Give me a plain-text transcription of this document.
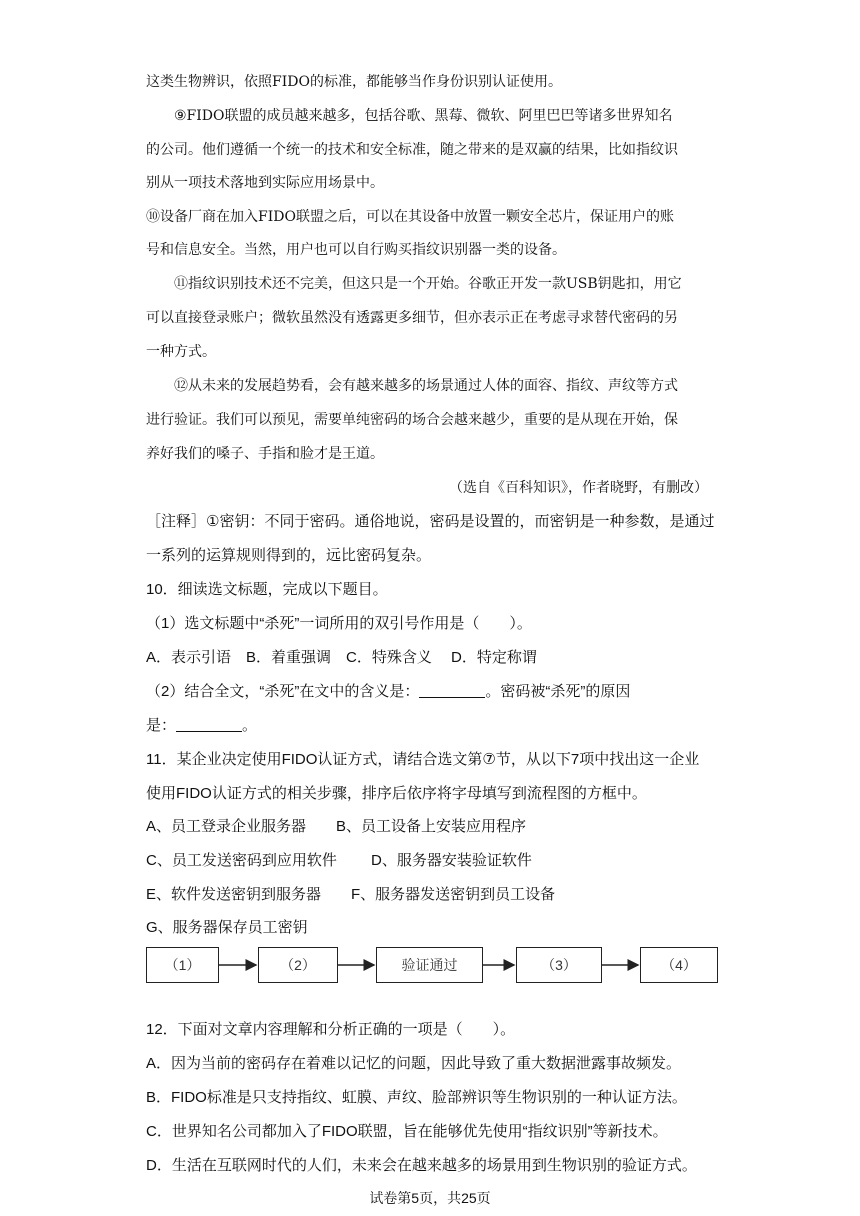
这类生物辨识，依照FIDO的标准，都能够当作身份识别认证使用。

⑨FIDO联盟的成员越来越多，包括谷歌、黑莓、微软、阿里巴巴等诸多世界知名

的公司。他们遵循一个统一的技术和安全标准，随之带来的是双赢的结果，比如指纹识

别从一项技术落地到实际应用场景中。

⑩设备厂商在加入FIDO联盟之后，可以在其设备中放置一颗安全芯片，保证用户的账

号和信息安全。当然，用户也可以自行购买指纹识别器一类的设备。

⑪指纹识别技术还不完美，但这只是一个开始。谷歌正开发一款USB钥匙扣，用它

可以直接登录账户；微软虽然没有透露更多细节，但亦表示正在考虑寻求替代密码的另

一种方式。

⑫从未来的发展趋势看，会有越来越多的场景通过人体的面容、指纹、声纹等方式

进行验证。我们可以预见，需要单纯密码的场合会越来越少，重要的是从现在开始，保

养好我们的嗓子、手指和脸才是王道。

（选自《百科知识》，作者晓野，有删改）

［注释］①密钥：不同于密码。通俗地说，密码是设置的，而密钥是一种参数，是通过

一系列的运算规则得到的，远比密码复杂。

10．细读选文标题，完成以下题目。

（1）选文标题中“杀死”一词所用的双引号作用是（　　）。

A．表示引语　B．着重强调　C．特殊含义　 D．特定称谓

（2）结合全文，“杀死”在文中的含义是：	。密码被“杀死”的原因

是：	。

11．某企业决定使用FIDO认证方式，请结合选文第⑦节，从以下7项中找出这一企业

使用FIDO认证方式的相关步骤，排序后依序将字母填写到流程图的方框中。

A、员工登录企业服务器　　B、员工设备上安装应用程序

C、员工发送密码到应用软件　　 D、服务器安装验证软件

E、软件发送密钥到服务器　　F、服务器发送密钥到员工设备

G、服务器保存员工密钥

（1）	（2）	验证通过	（3）	（4）

12．下面对文章内容理解和分析正确的一项是（　　）。

A．因为当前的密码存在着难以记忆的问题，因此导致了重大数据泄露事故频发。

B．FIDO标准是只支持指纹、虹膜、声纹、脸部辨识等生物识别的一种认证方法。

C．世界知名公司都加入了FIDO联盟，旨在能够优先使用“指纹识别”等新技术。

D．生活在互联网时代的人们，未来会在越来越多的场景用到生物识别的验证方式。

试卷第5页，共25页
